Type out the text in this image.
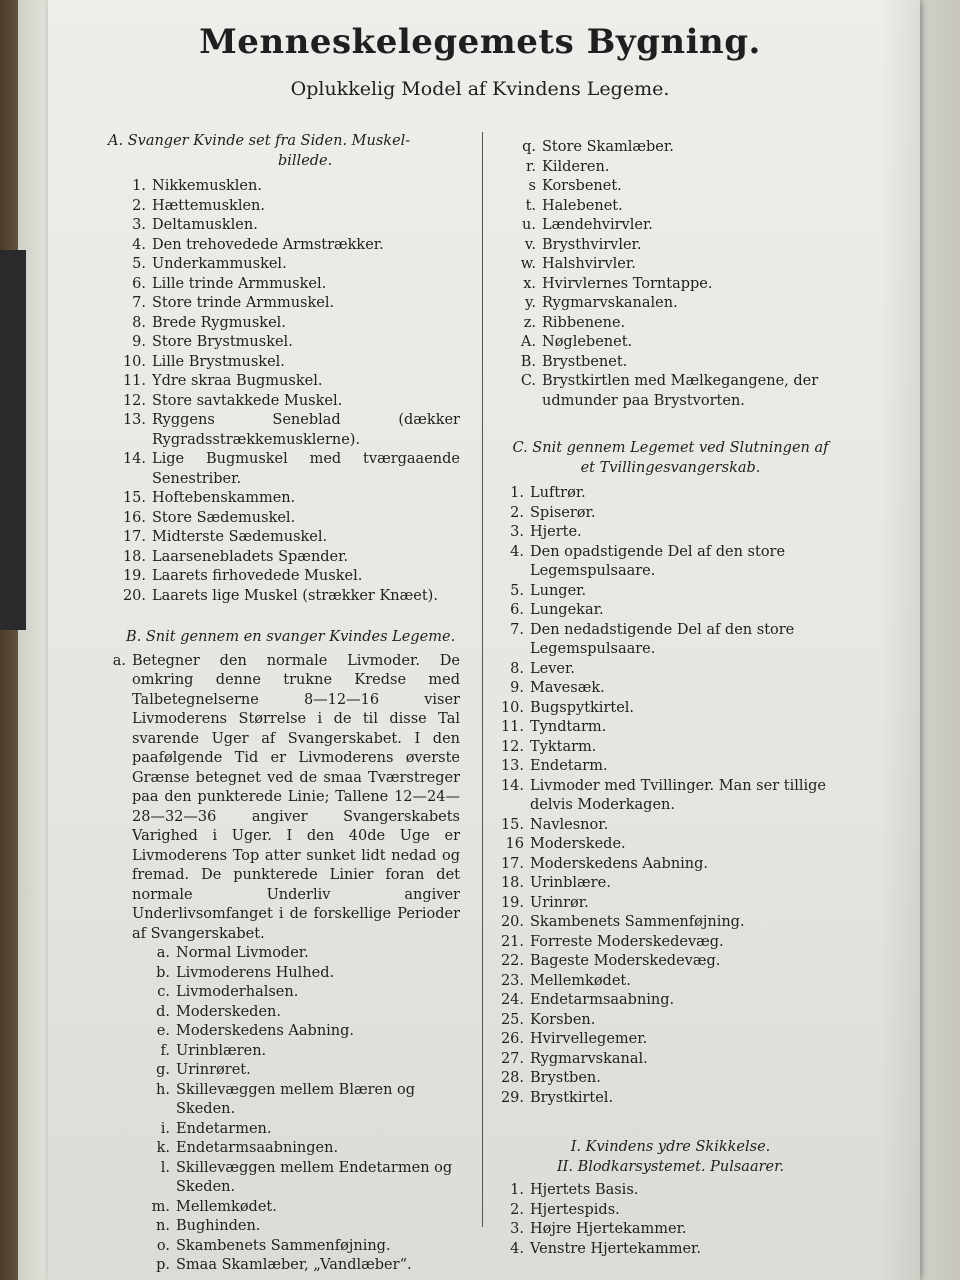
Menneskelegemets Bygning.
Oplukkelig Model af Kvindens Legeme.
A. Svanger Kvinde set fra Siden. Muskel-
billede.
1. Nikkemusklen.
2. Hættemusklen.
3. Deltamusklen.
4. Den trehovedede Armstrækker.
5. Underkammuskel.
6. Lille trinde Armmuskel.
7. Store trinde Armmuskel.
8. Brede Rygmuskel.
9. Store Brystmuskel.
10. Lille Brystmuskel.
11. Ydre skraa Bugmuskel.
12. Store savtakkede Muskel.
13. Ryggens Seneblad (dækker Rygradsstrækkemusklerne).
14. Lige Bugmuskel med tværgaaende Senestriber.
15. Hoftebenskammen.
16. Store Sædemuskel.
17. Midterste Sædemuskel.
18. Laarsenebladets Spænder.
19. Laarets firhovedede Muskel.
20. Laarets lige Muskel (strækker Knæet).
B. Snit gennem en svanger Kvindes Legeme.
a. Betegner den normale Livmoder. De omkring denne trukne Kredse med Talbetegnelserne 8—12—16 viser Livmoderens Størrelse i de til disse Tal svarende Uger af Svangerskabet. I den paafølgende Tid er Livmoderens øverste Grænse betegnet ved de smaa Tværstreger paa den punkterede Linie; Tallene 12—24—28—32—36 angiver Svangerskabets Varighed i Uger. I den 40de Uge er Livmoderens Top atter sunket lidt nedad og fremad. De punkterede Linier foran det normale Underliv angiver Underlivsomfanget i de forskellige Perioder af Svangerskabet.
a. Normal Livmoder.
b. Livmoderens Hulhed.
c. Livmoderhalsen.
d. Moderskeden.
e. Moderskedens Aabning.
f. Urinblæren.
g. Urinrøret.
h. Skillevæggen mellem Blæren og Skeden.
i. Endetarmen.
k. Endetarmsaabningen.
l. Skillevæggen mellem Endetarmen og Skeden.
m. Mellemkødet.
n. Bughinden.
o. Skambenets Sammenføjning.
p. Smaa Skamlæber, „Vandlæber“.
q. Store Skamlæber.
r. Kilderen.
s Korsbenet.
t. Halebenet.
u. Lændehvirvler.
v. Brysthvirvler.
w. Halshvirvler.
x. Hvirvlernes Torntappe.
y. Rygmarvskanalen.
z. Ribbenene.
A. Nøglebenet.
B. Brystbenet.
C. Brystkirtlen med Mælkegangene, der udmunder paa Brystvorten.
C. Snit gennem Legemet ved Slutningen af
et Tvillingesvangerskab.
1. Luftrør.
2. Spiserør.
3. Hjerte.
4. Den opadstigende Del af den store Legemspulsaare.
5. Lunger.
6. Lungekar.
7. Den nedadstigende Del af den store Legemspulsaare.
8. Lever.
9. Mavesæk.
10. Bugspytkirtel.
11. Tyndtarm.
12. Tyktarm.
13. Endetarm.
14. Livmoder med Tvillinger. Man ser tillige delvis Moderkagen.
15. Navlesnor.
16 Moderskede.
17. Moderskedens Aabning.
18. Urinblære.
19. Urinrør.
20. Skambenets Sammenføjning.
21. Forreste Moderskedevæg.
22. Bageste Moderskedevæg.
23. Mellemkødet.
24. Endetarmsaabning.
25. Korsben.
26. Hvirvellegemer.
27. Rygmarvskanal.
28. Brystben.
29. Brystkirtel.
I. Kvindens ydre Skikkelse.
II. Blodkarsystemet. Pulsaarer.
1. Hjertets Basis.
2. Hjertespids.
3. Højre Hjertekammer.
4. Venstre Hjertekammer.
